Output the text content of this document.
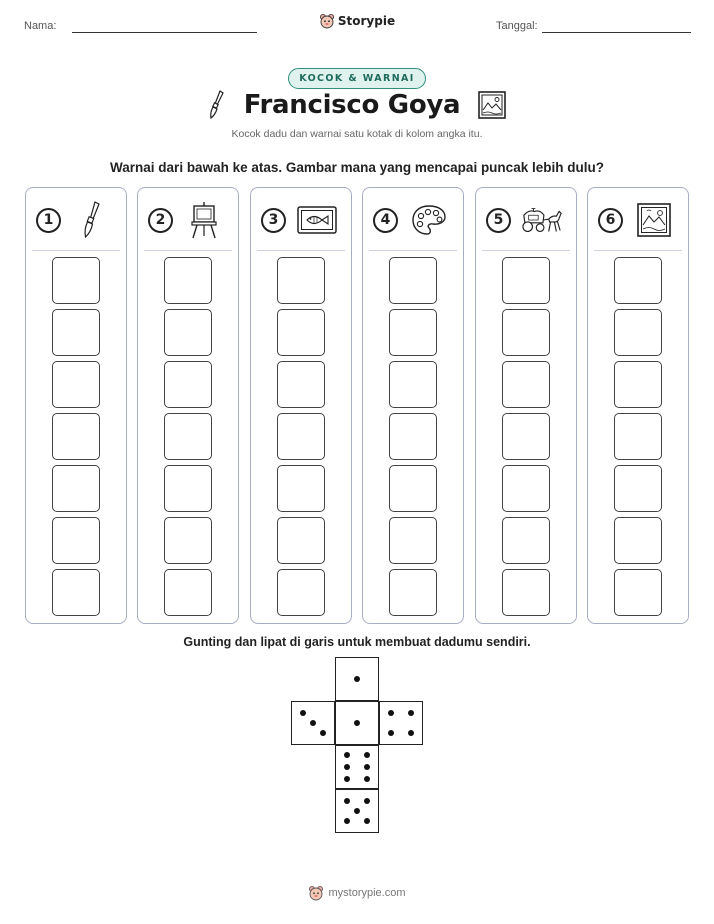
Nama:	Storypie	Tanggal:
KOCOK & WARNAI
Francisco Goya
Kocok dadu dan warnai satu kotak di kolom angka itu.
Warnai dari bawah ke atas. Gambar mana yang mencapai puncak lebih dulu?
1	2	3	4	5	6
Gunting dan lipat di garis untuk membuat dadumu sendiri.
mystorypie.com
